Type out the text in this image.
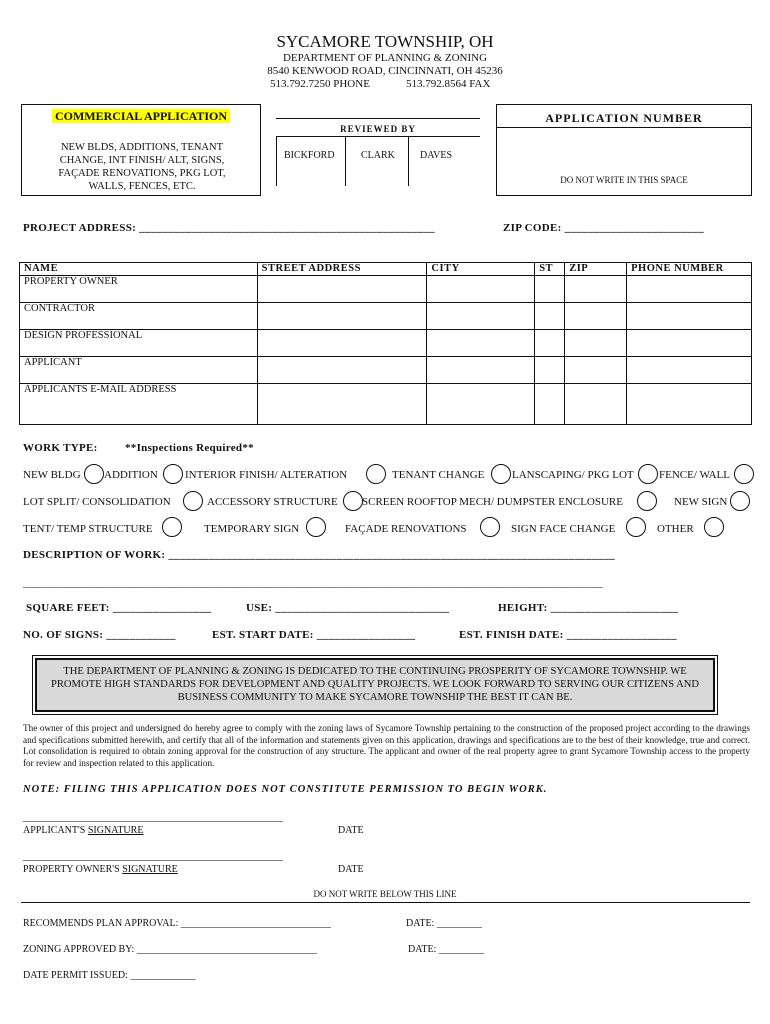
SYCAMORE TOWNSHIP, OH
DEPARTMENT OF PLANNING & ZONING
8540 KENWOOD ROAD, CINCINNATI, OH 45236
513.792.7250 PHONE	513.792.8564 FAX
COMMERCIAL APPLICATION
NEW BLDS, ADDITIONS, TENANT CHANGE, INT FINISH/ ALT, SIGNS, FAÇADE RENOVATIONS, PKG LOT, WALLS, FENCES, ETC.
REVIEWED BY
BICKFORD	CLARK	DAVES
APPLICATION NUMBER
DO NOT WRITE IN THIS SPACE
PROJECT ADDRESS: ___________________________________________________	ZIP CODE: ________________________
NAME	STREET ADDRESS	CITY	ST	ZIP	PHONE NUMBER
PROPERTY OWNER					
CONTRACTOR					
DESIGN PROFESSIONAL					
APPLICANT					
APPLICANTS E-MAIL ADDRESS					
WORK TYPE: **Inspections Required**
NEW BLDG ADDITION INTERIOR FINISH/ ALTERATION	TENANT CHANGE	LANSCAPING/ PKG LOT FENCE/ WALL
LOT SPLIT/ CONSOLIDATION	ACCESSORY STRUCTURE SCREEN ROOFTOP MECH/ DUMPSTER ENCLOSURE	NEW SIGN
TENT/ TEMP STRUCTURE	TEMPORARY SIGN	FAÇADE RENOVATIONS	SIGN FACE CHANGE	OTHER
DESCRIPTION OF WORK: _____________________________________________________________________________
____________________________________________________________________________________________________
SQUARE FEET: _________________	USE: ______________________________	HEIGHT: ______________________
NO. OF SIGNS: ____________	EST. START DATE: _________________	EST. FINISH DATE: ___________________
THE DEPARTMENT OF PLANNING & ZONING IS DEDICATED TO THE CONTINUING PROSPERITY OF SYCAMORE TOWNSHIP. WE PROMOTE HIGH STANDARDS FOR DEVELOPMENT AND QUALITY PROJECTS. WE LOOK FORWARD TO SERVING OUR CITIZENS AND BUSINESS COMMUNITY TO MAKE SYCAMORE TOWNSHIP THE BEST IT CAN BE.
The owner of this project and undersigned do hereby agree to comply with the zoning laws of Sycamore Township pertaining to the construction of the proposed project according to the drawings and specifications submitted herewith, and certify that all of the information and statements given on this application, drawings and specifications are to the best of their knowledge, true and correct. Lot consolidation is required to obtain zoning approval for the construction of any structure. The applicant and owner of the real property agree to grant Sycamore Township access to the property for review and inspection related to this application.
NOTE: FILING THIS APPLICATION DOES NOT CONSTITUTE PERMISSION TO BEGIN WORK.
____________________________________________________
APPLICANT'S SIGNATURE	DATE
____________________________________________________
PROPERTY OWNER'S SIGNATURE	DATE
DO NOT WRITE BELOW THIS LINE
RECOMMENDS PLAN APPROVAL: ______________________________	DATE: _________
ZONING APPROVED BY: ____________________________________	DATE: _________
DATE PERMIT ISSUED: _____________
